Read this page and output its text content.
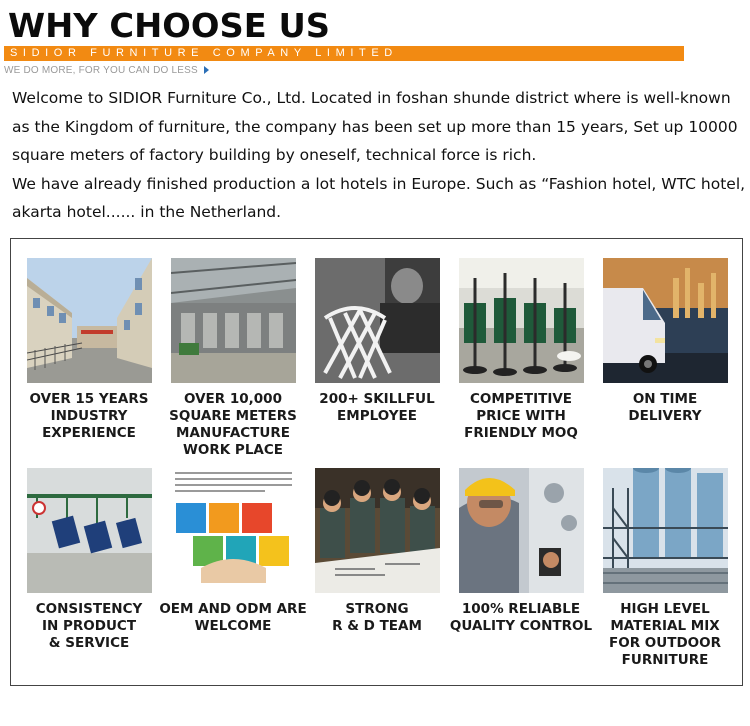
WHY CHOOSE US
SIDIOR FURNITURE COMPANY LIMITED
WE DO MORE, FOR YOU CAN DO LESS

Welcome to SIDIOR Furniture Co., Ltd. Located in foshan shunde district where is well-known

as the Kingdom of furniture, the company has been set up more than 15 years, Set up 10000

square meters of factory building by oneself, technical force is rich.

We have already finished production a lot hotels in Europe. Such as “Fashion hotel, WTC hotel,

akarta hotel...... in the Netherland.

OVER 15 YEARS
INDUSTRY
EXPERIENCE
OVER 10,000
SQUARE METERS
MANUFACTURE
WORK PLACE
200+ SKILLFUL
EMPLOYEE
COMPETITIVE
PRICE WITH
FRIENDLY MOQ
ON TIME
DELIVERY
CONSISTENCY
IN PRODUCT
& SERVICE
OEM AND ODM ARE
WELCOME
STRONG
R & D TEAM
100% RELIABLE
QUALITY CONTROL
HIGH LEVEL
MATERIAL MIX
FOR OUTDOOR
FURNITURE
